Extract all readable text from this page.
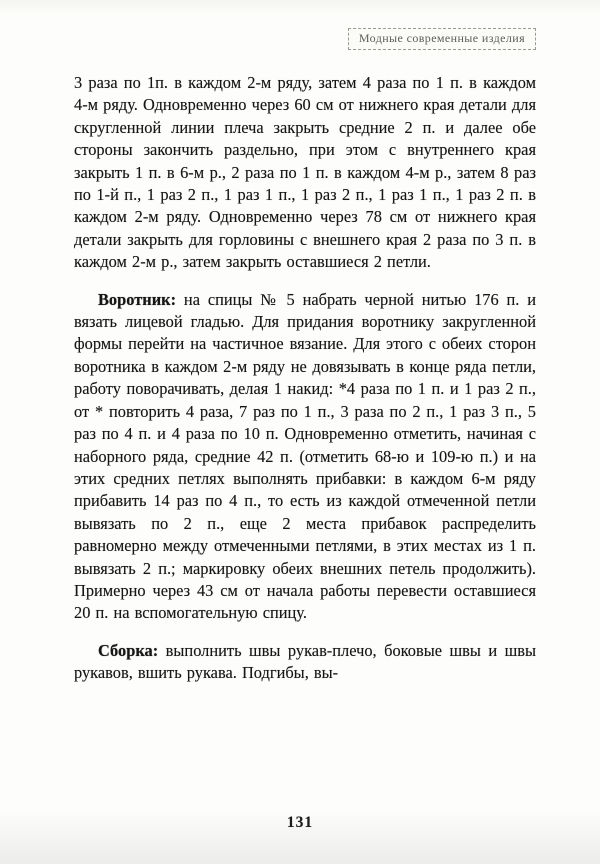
Модные современные изделия

3 раза по 1п. в каждом 2-м ряду, затем 4 раза по 1 п. в каждом 4-м ряду. Одновременно через 60 см от нижнего края детали для скругленной линии плеча закрыть средние 2 п. и далее обе стороны закончить раздельно, при этом с внутреннего края закрыть 1 п. в 6-м р., 2 раза по 1 п. в каждом 4-м р., затем 8 раз по 1-й п., 1 раз 2 п., 1 раз 1 п., 1 раз 2 п., 1 раз 1 п., 1 раз 2 п. в каждом 2-м ряду. Одновременно через 78 см от нижнего края детали закрыть для горловины с внешнего края 2 раза по 3 п. в каждом 2-м р., затем закрыть оставшиеся 2 петли.

Воротник: на спицы № 5 набрать черной нитью 176 п. и вязать лицевой гладью. Для придания воротнику закругленной формы перейти на частичное вязание. Для этого с обеих сторон воротника в каждом 2-м ряду не довязывать в конце ряда петли, работу поворачивать, делая 1 накид: *4 раза по 1 п. и 1 раз 2 п., от * повторить 4 раза, 7 раз по 1 п., 3 раза по 2 п., 1 раз 3 п., 5 раз по 4 п. и 4 раза по 10 п. Одновременно отметить, начиная с наборного ряда, средние 42 п. (отметить 68-ю и 109-ю п.) и на этих средних петлях выполнять прибавки: в каждом 6-м ряду прибавить 14 раз по 4 п., то есть из каждой отмеченной петли вывязать по 2 п., еще 2 места прибавок распределить равномерно между отмеченными петлями, в этих местах из 1 п. вывязать 2 п.; маркировку обеих внешних петель продолжить). Примерно через 43 см от начала работы перевести оставшиеся 20 п. на вспомогательную спицу.

Сборка: выполнить швы рукав-плечо, боковые швы и швы рукавов, вшить рукава. Подгибы, вы-

131
